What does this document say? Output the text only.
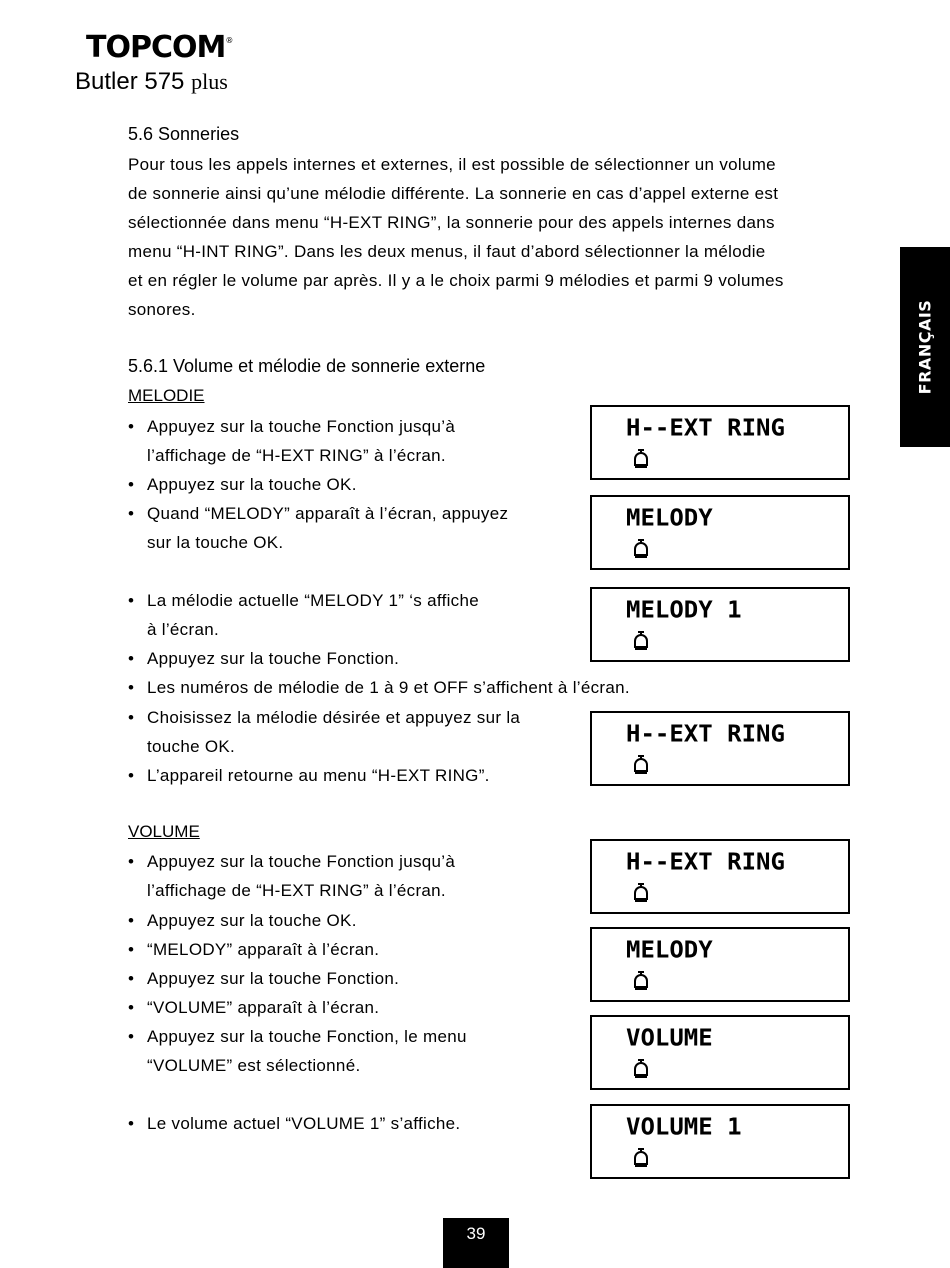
TOPCOM®
Butler 575 plus
FRANÇAIS
5.6 Sonneries
Pour tous les appels internes et externes, il est possible de sélectionner un volume
de sonnerie ainsi qu’une mélodie différente. La sonnerie en cas d’appel externe est
sélectionnée dans menu “H-EXT RING”, la sonnerie pour des appels internes dans
menu “H-INT RING”. Dans les deux menus, il faut d’abord sélectionner la mélodie
et en régler le volume par après. Il y a le choix parmi 9 mélodies et parmi 9 volumes
sonores.
5.6.1 Volume et mélodie de sonnerie externe
MELODIE
• Appuyez sur la touche Fonction jusqu’à
l’affichage de “H-EXT RING” à l’écran.
• Appuyez sur la touche OK.
• Quand “MELODY” apparaît à l’écran, appuyez
sur la touche OK.
• La mélodie actuelle “MELODY 1” ‘s affiche
à l’écran.
• Appuyez sur la touche Fonction.
• Les numéros de mélodie de 1 à 9 et OFF s’affichent à l’écran.
• Choisissez la mélodie désirée et appuyez sur la
touche OK.
• L’appareil retourne au menu “H-EXT RING”.
VOLUME
• Appuyez sur la touche Fonction jusqu’à
l’affichage de “H-EXT RING” à l’écran.
• Appuyez sur la touche OK.
• “MELODY” apparaît à l’écran.
• Appuyez sur la touche Fonction.
• “VOLUME” apparaît à l’écran.
• Appuyez sur la touche Fonction, le menu
“VOLUME” est sélectionné.
• Le volume actuel “VOLUME 1” s’affiche.
H--EXT RING
MELODY
MELODY 1
H--EXT RING
H--EXT RING
MELODY
VOLUME
VOLUME 1
39
